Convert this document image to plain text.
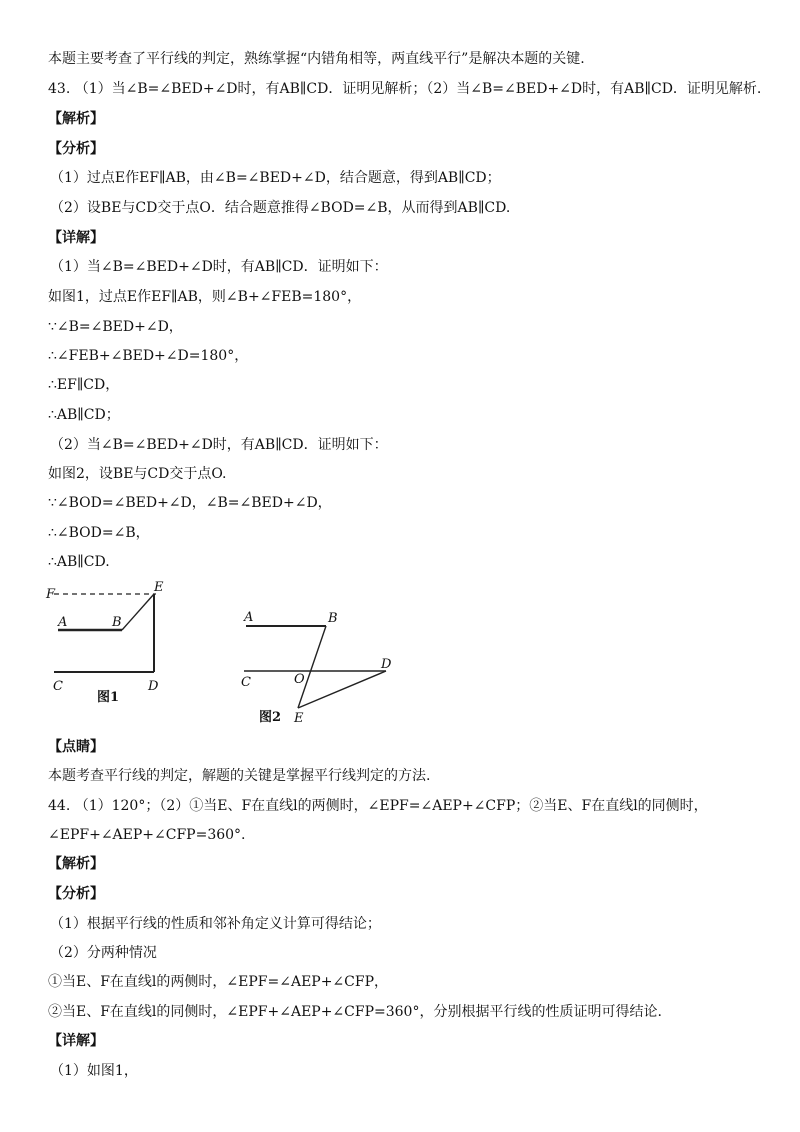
本题主要考查了平行线的判定，熟练掌握“内错角相等，两直线平行”是解决本题的关键.
43. （1）当∠B=∠BED+∠D时，有AB∥CD．证明见解析；（2）当∠B=∠BED+∠D时，有AB∥CD．证明见解析.
【解析】
【分析】
（1）过点E作EF∥AB，由∠B=∠BED+∠D，结合题意，得到AB∥CD；
（2）设BE与CD交于点O．结合题意推得∠BOD=∠B，从而得到AB∥CD.
【详解】
（1）当∠B=∠BED+∠D时，有AB∥CD．证明如下：
如图1，过点E作EF∥AB，则∠B+∠FEB=180°，
∵∠B=∠BED+∠D，
∴∠FEB+∠BED+∠D=180°，
∴EF∥CD，
∴AB∥CD；
（2）当∠B=∠BED+∠D时，有AB∥CD．证明如下：
如图2，设BE与CD交于点O.
∵∠BOD=∠BED+∠D，∠B=∠BED+∠D，
∴∠BOD=∠B，
∴AB∥CD.
F
A	B
E
C	D
图1
A	B
C	O
D
E
图2
【点睛】
本题考查平行线的判定，解题的关键是掌握平行线判定的方法.
44. （1）120°；（2）①当E、F在直线l的两侧时，∠EPF=∠AEP+∠CFP；②当E、F在直线l的同侧时，
∠EPF+∠AEP+∠CFP=360°.
【解析】
【分析】
（1）根据平行线的性质和邻补角定义计算可得结论；
（2）分两种情况
①当E、F在直线l的两侧时，∠EPF=∠AEP+∠CFP，
②当E、F在直线l的同侧时，∠EPF+∠AEP+∠CFP=360°，分别根据平行线的性质证明可得结论.
【详解】
（1）如图1，
